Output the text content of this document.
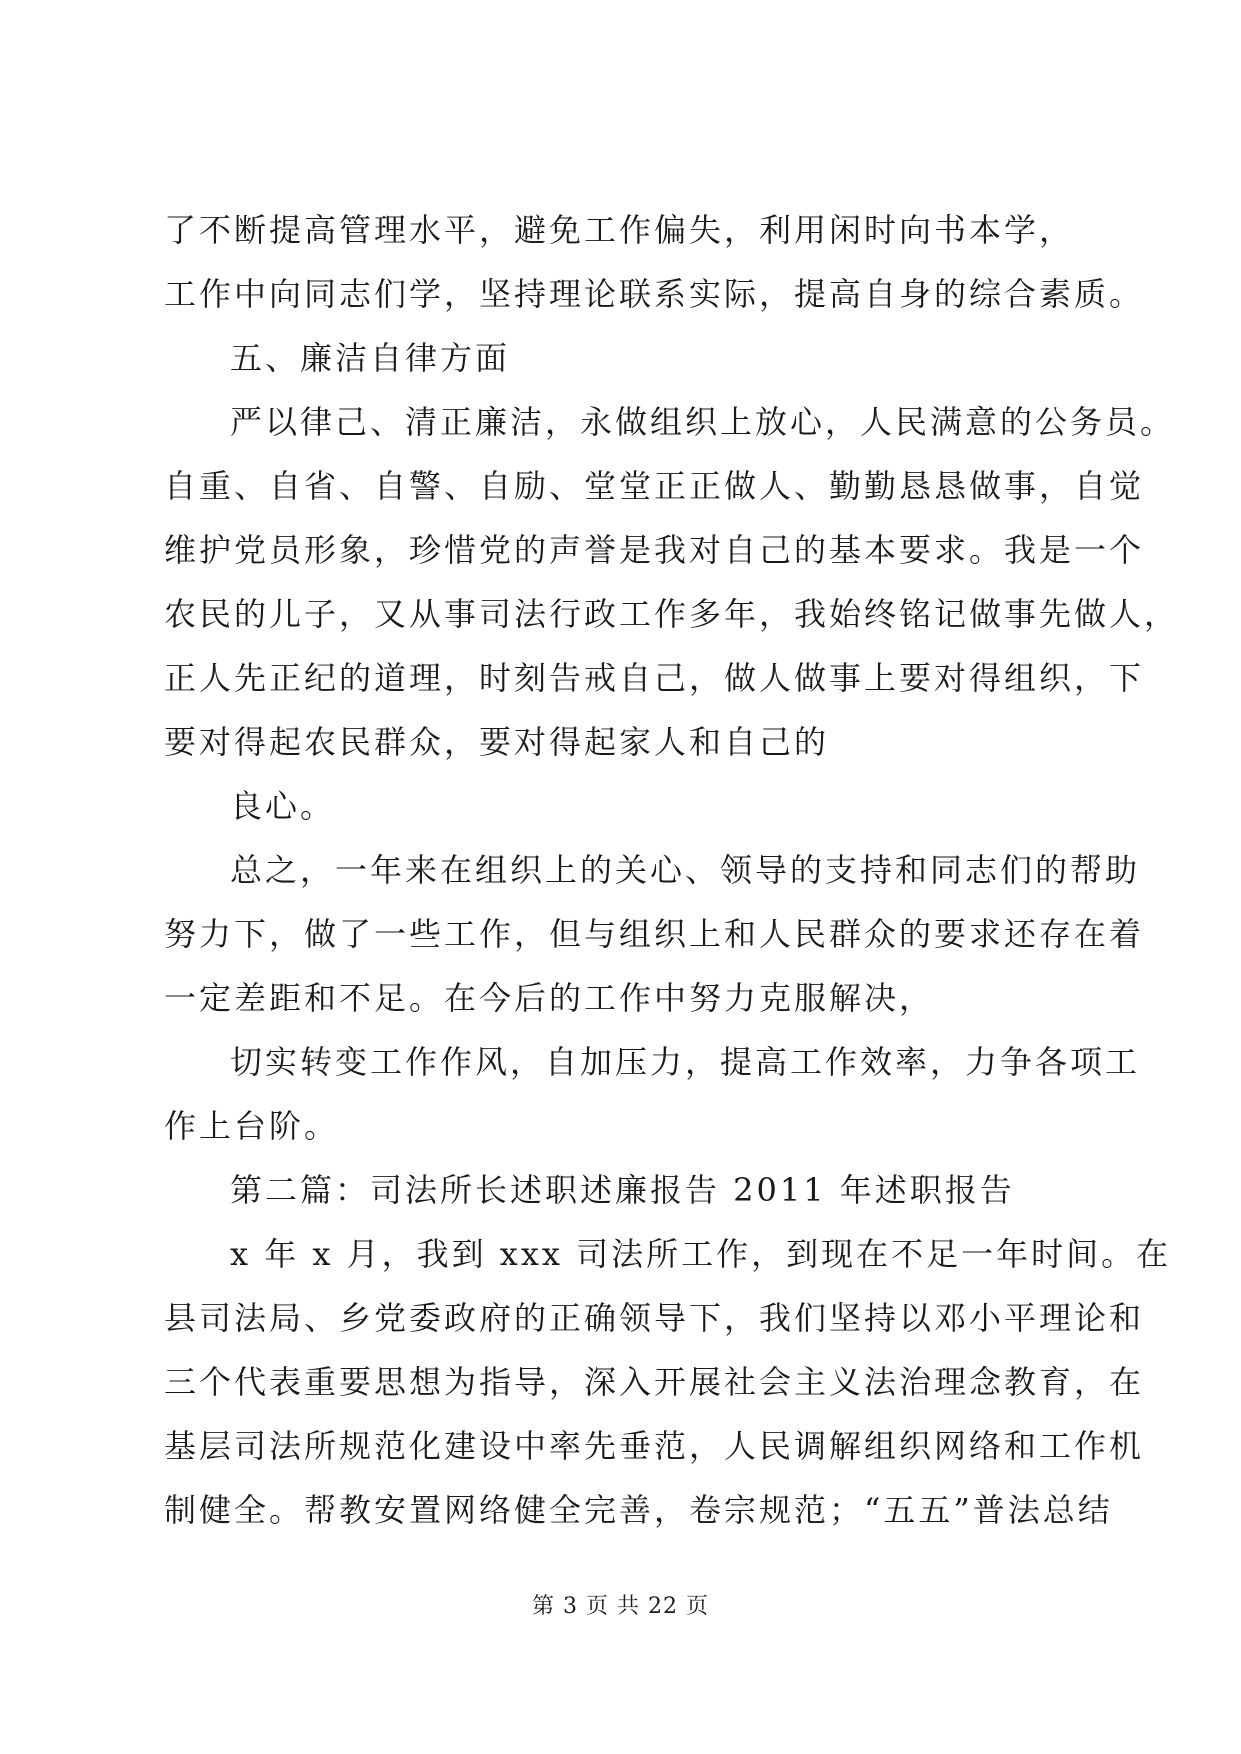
了不断提高管理水平，避免工作偏失，利用闲时向书本学，
工作中向同志们学，坚持理论联系实际，提高自身的综合素质。
五、廉洁自律方面
严以律己、清正廉洁，永做组织上放心，人民满意的公务员。
自重、自省、自警、自励、堂堂正正做人、勤勤恳恳做事，自觉
维护党员形象，珍惜党的声誉是我对自己的基本要求。我是一个
农民的儿子，又从事司法行政工作多年，我始终铭记做事先做人，
正人先正纪的道理，时刻告戒自己，做人做事上要对得组织，下
要对得起农民群众，要对得起家人和自己的
良心。
总之，一年来在组织上的关心、领导的支持和同志们的帮助
努力下，做了一些工作，但与组织上和人民群众的要求还存在着
一定差距和不足。在今后的工作中努力克服解决，
切实转变工作作风，自加压力，提高工作效率，力争各项工
作上台阶。
第二篇：司法所长述职述廉报告 2011 年述职报告
x 年 x 月，我到 xxx 司法所工作，到现在不足一年时间。在
县司法局、乡党委政府的正确领导下，我们坚持以邓小平理论和
三个代表重要思想为指导，深入开展社会主义法治理念教育，在
基层司法所规范化建设中率先垂范，人民调解组织网络和工作机
制健全。帮教安置网络健全完善，卷宗规范；“五五”普法总结
第 3 页 共 22 页
